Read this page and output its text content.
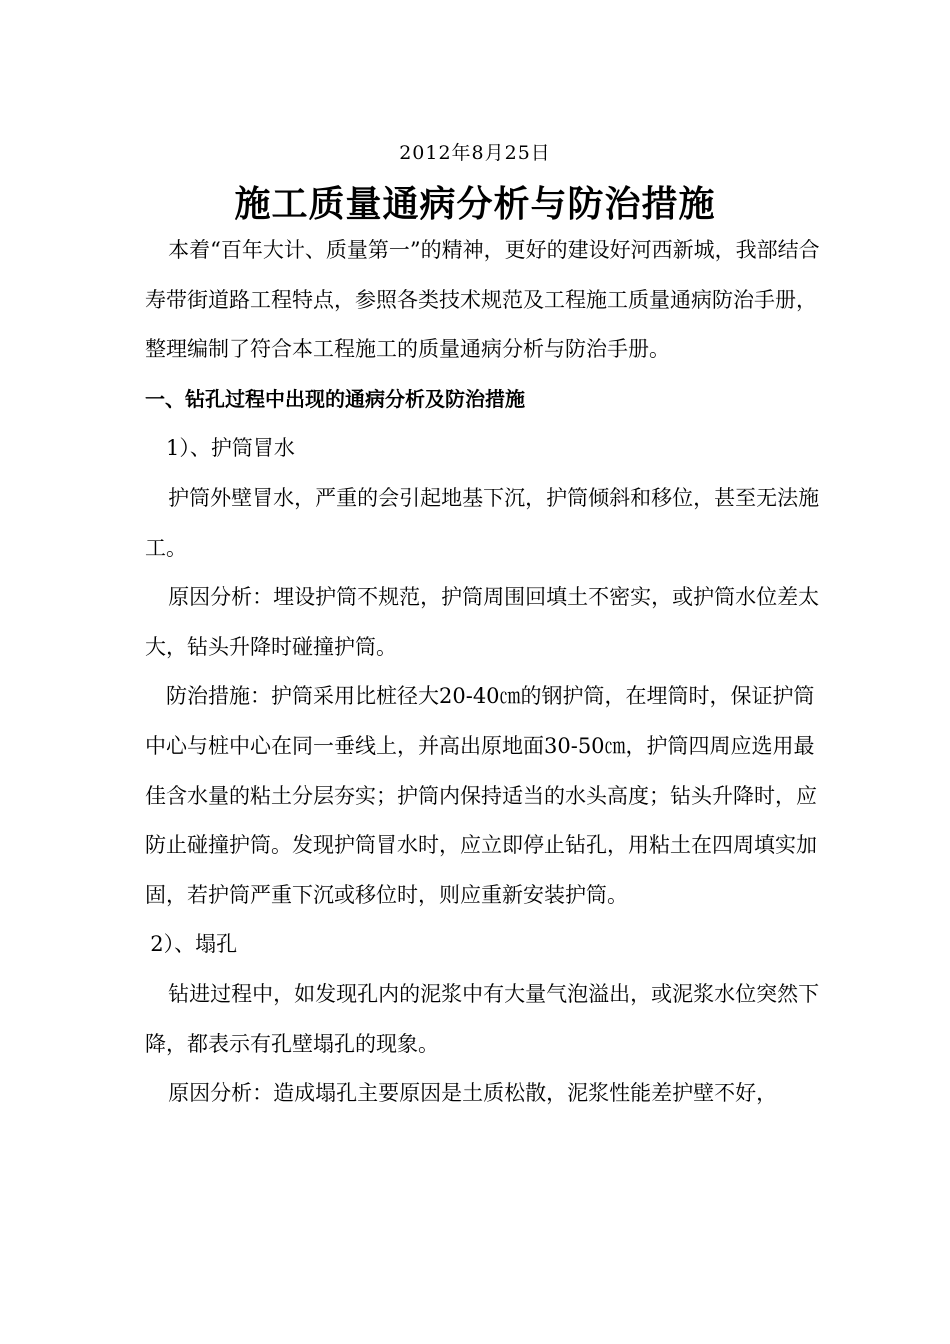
2012年8月25日
施工质量通病分析与防治措施

本着“百年大计、质量第一”的精神，更好的建设好河西新城，我部结合寿带街道路工程特点，参照各类技术规范及工程施工质量通病防治手册，整理编制了符合本工程施工的质量通病分析与防治手册。

一、钻孔过程中出现的通病分析及防治措施

1）、护筒冒水

护筒外壁冒水，严重的会引起地基下沉，护筒倾斜和移位，甚至无法施工。

原因分析：埋设护筒不规范，护筒周围回填土不密实，或护筒水位差太大，钻头升降时碰撞护筒。

防治措施：护筒采用比桩径大20-40㎝的钢护筒，在埋筒时，保证护筒中心与桩中心在同一垂线上，并高出原地面30-50㎝，护筒四周应选用最佳含水量的粘土分层夯实；护筒内保持适当的水头高度；钻头升降时，应防止碰撞护筒。发现护筒冒水时，应立即停止钻孔，用粘土在四周填实加固，若护筒严重下沉或移位时，则应重新安装护筒。

2）、塌孔

钻进过程中，如发现孔内的泥浆中有大量气泡溢出，或泥浆水位突然下降，都表示有孔壁塌孔的现象。

原因分析：造成塌孔主要原因是土质松散，泥浆性能差护壁不好，
